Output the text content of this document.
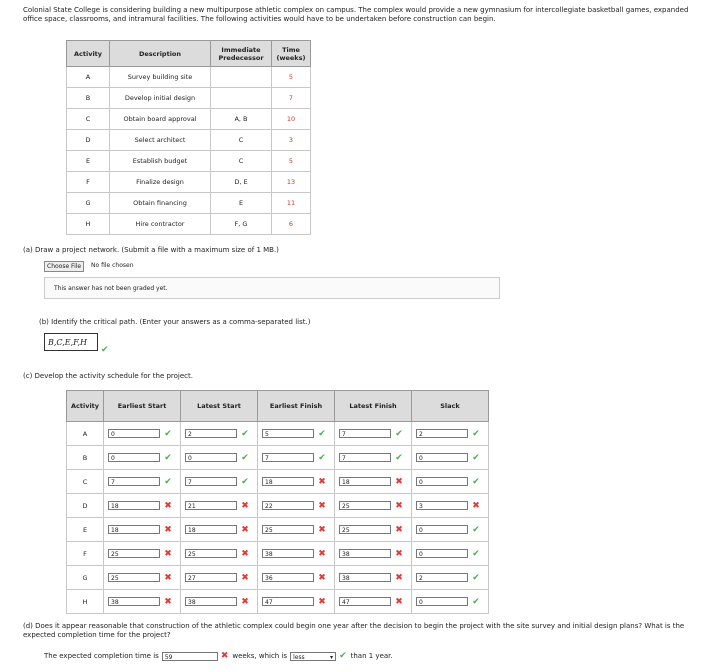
Colonial State College is considering building a new multipurpose athletic complex on campus. The complex would provide a new gymnasium for intercollegiate basketball games, expanded office space, classrooms, and intramural facilities. The following activities would have to be undertaken before construction can begin.
Activity	Description	Immediate Predecessor	Time (weeks)
A	Survey building site		5
B	Develop initial design		7
C	Obtain board approval	A, B	10
D	Select architect	C	3
E	Establish budget	C	5
F	Finalize design	D, E	13
G	Obtain financing	E	11
H	Hire contractor	F, G	6
(a) Draw a project network. (Submit a file with a maximum size of 1 MB.)
Choose File	No file chosen
This answer has not been graded yet.
(b) Identify the critical path. (Enter your answers as a comma-separated list.)
B,C,E,F,H
✔
(c) Develop the activity schedule for the project.
Activity	Earliest Start	Latest Start	Earliest Finish	Latest Finish	Slack
A	0 ✔	2 ✔	5 ✔	7 ✔	2 ✔

B	0 ✔	0 ✔	7 ✔	7 ✔	0 ✔

C	7 ✔	7 ✔	18 ✖	18 ✖	0 ✔

D	18 ✖	21 ✖	22 ✖	25 ✖	3 ✖

E	18 ✖	18 ✖	25 ✖	25 ✖	0 ✔

F	25 ✖	25 ✖	38 ✖	38 ✖	0 ✔

G	25 ✖	27 ✖	36 ✖	38 ✖	2 ✔

H	38 ✖	38 ✖	47 ✖	47 ✖	0 ✔
(d) Does it appear reasonable that construction of the athletic complex could begin one year after the decision to begin the project with the site survey and initial design plans? What is the expected completion time for the project?
The expected completion time is	59	✖ weeks, which is	less	▾ ✔ than 1 year.
